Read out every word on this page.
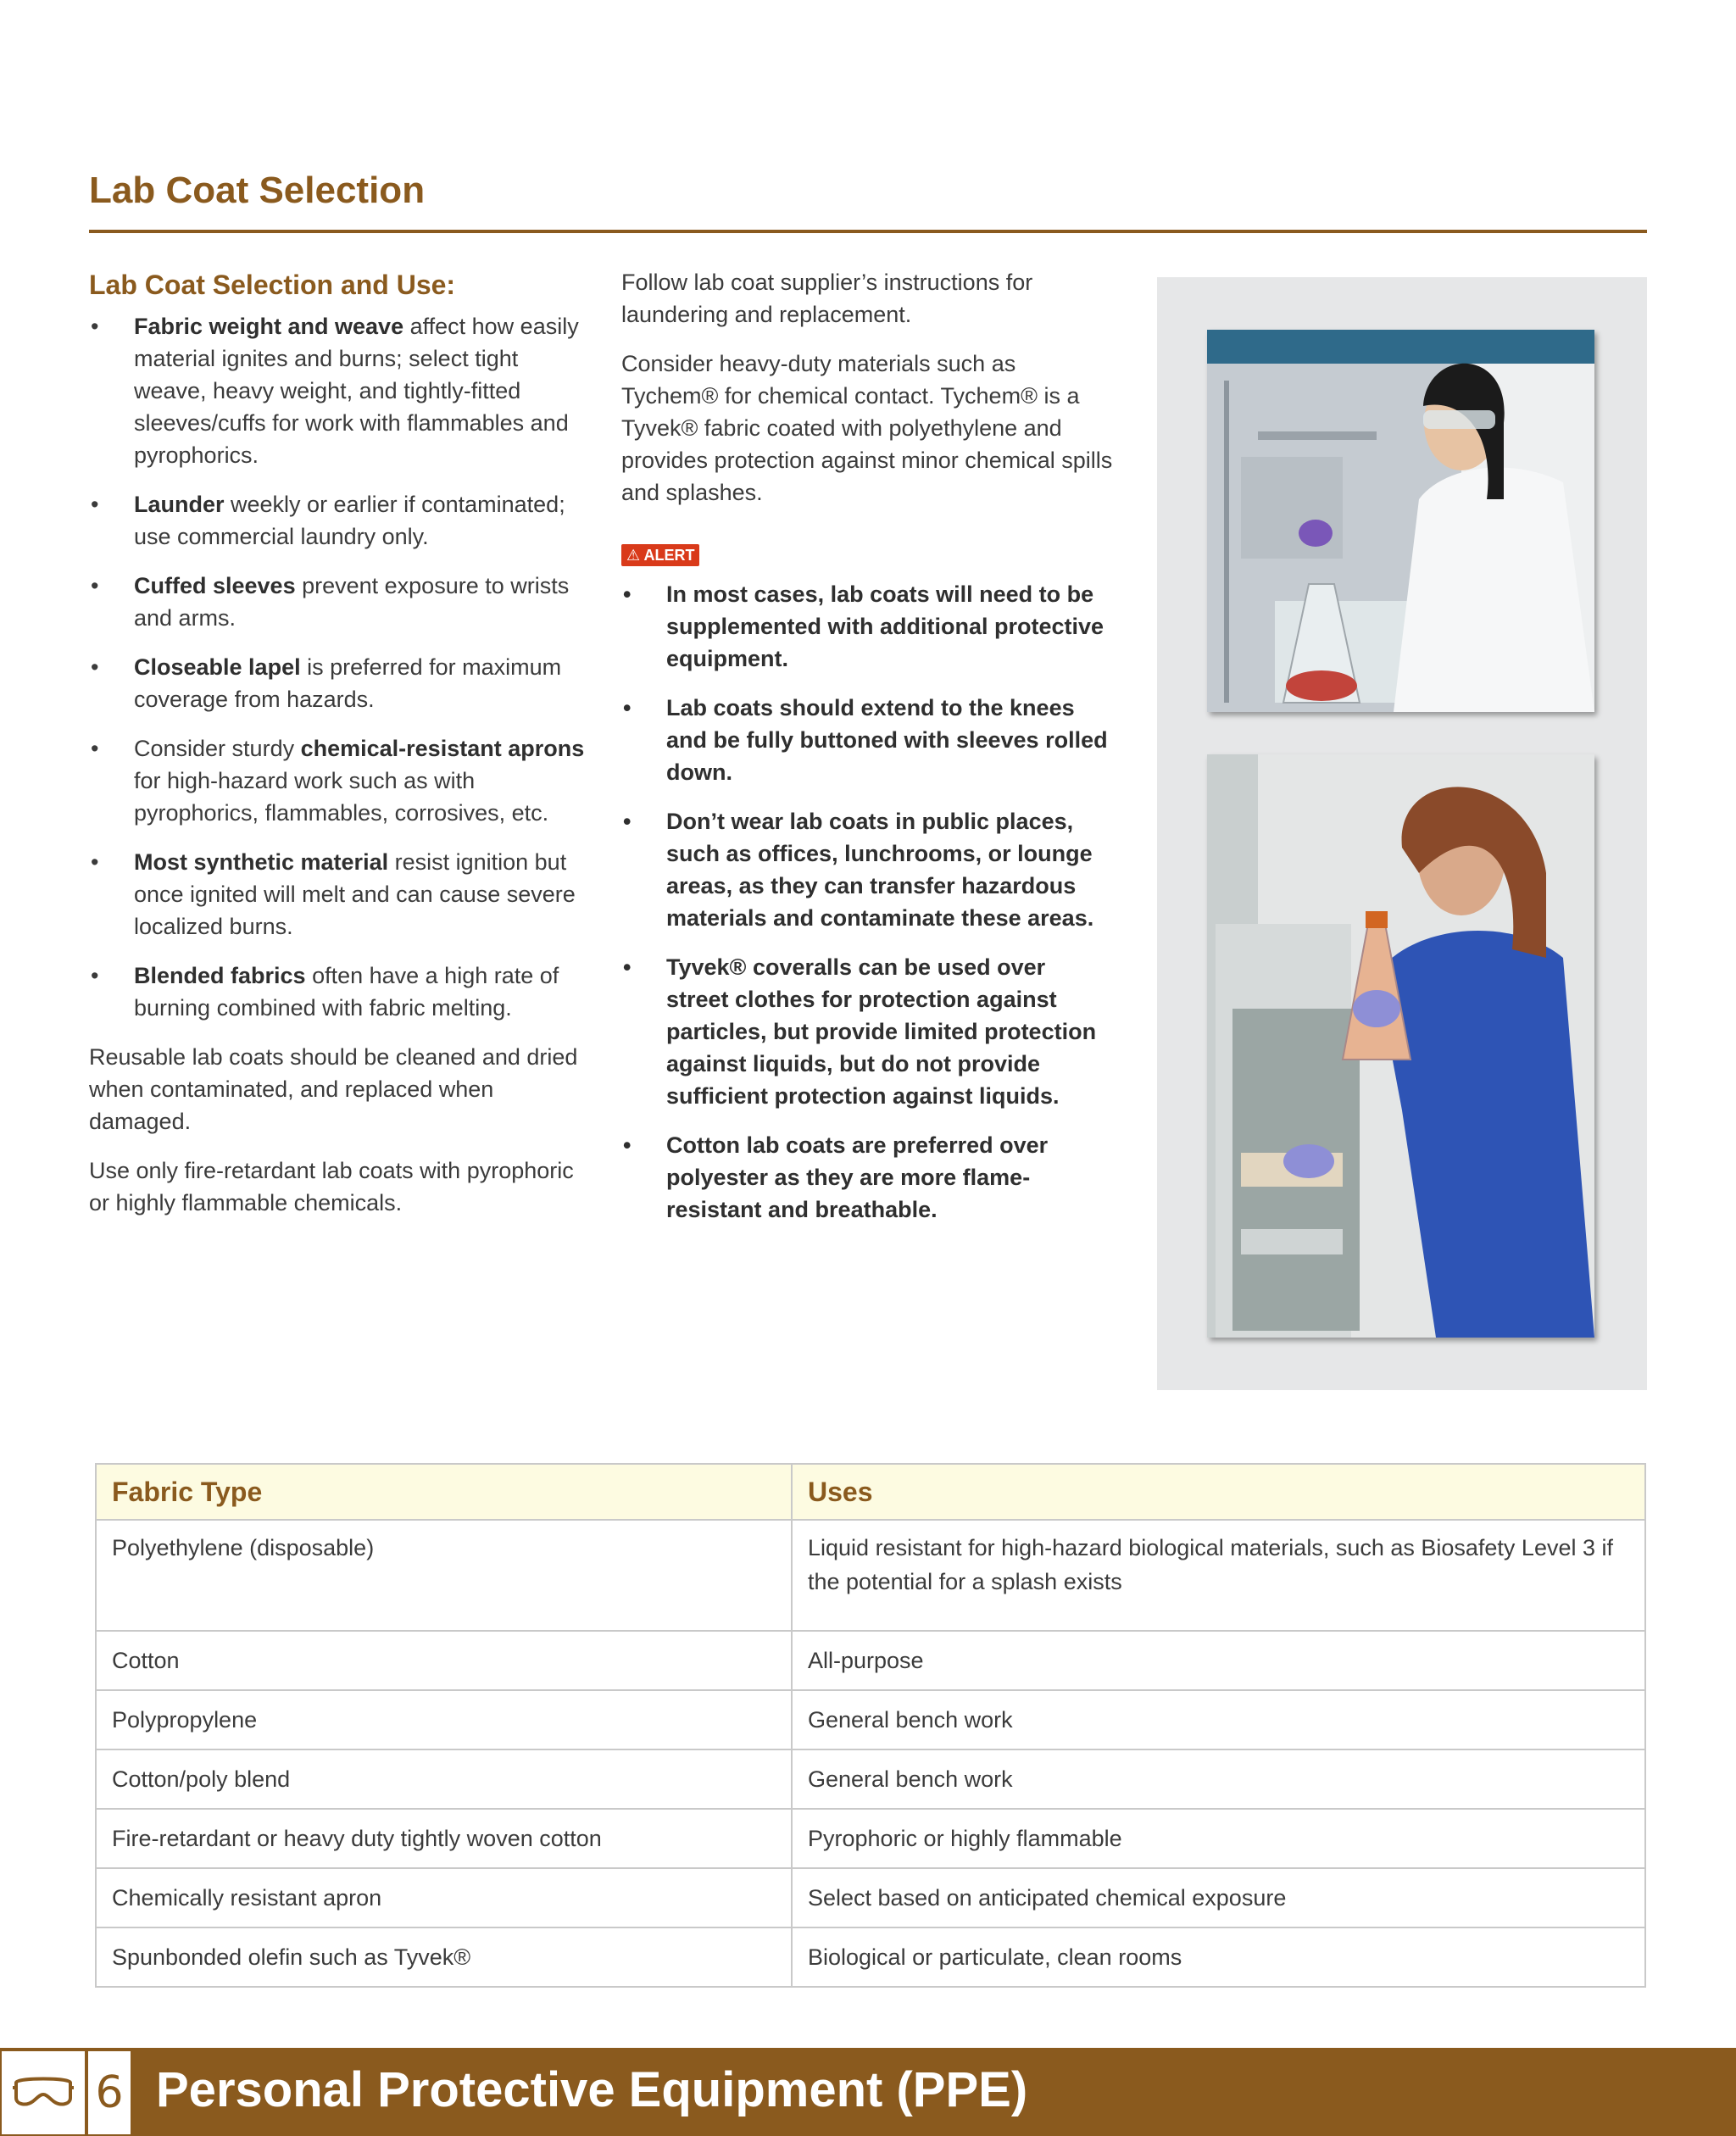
Lab Coat Selection
Lab Coat Selection and Use:
• Fabric weight and weave affect how easily material ignites and burns; select tight weave, heavy weight, and tightly-fitted sleeves/cuffs for work with flammables and pyrophorics.
• Launder weekly or earlier if contaminated; use commercial laundry only.
• Cuffed sleeves prevent exposure to wrists and arms.
• Closeable lapel is preferred for maximum coverage from hazards.
• Consider sturdy chemical-resistant aprons for high-hazard work such as with pyrophorics, flammables, corrosives, etc.
• Most synthetic material resist ignition but once ignited will melt and can cause severe localized burns.
• Blended fabrics often have a high rate of burning combined with fabric melting.

Reusable lab coats should be cleaned and dried when contaminated, and replaced when damaged.

Use only fire-retardant lab coats with pyrophoric or highly flammable chemicals.

Follow lab coat supplier’s instructions for laundering and replacement.

Consider heavy-duty materials such as Tychem® for chemical contact. Tychem® is a Tyvek® fabric coated with polyethylene and provides protection against minor chemical spills and splashes.

⚠ ALERT
• In most cases, lab coats will need to be supplemented with additional protective equipment.
• Lab coats should extend to the knees and be fully buttoned with sleeves rolled down.
• Don’t wear lab coats in public places, such as offices, lunchrooms, or lounge areas, as they can transfer hazardous materials and contaminate these areas.
• Tyvek® coveralls can be used over street clothes for protection against particles, but provide limited protection against liquids, but do not provide sufficient protection against liquids.
• Cotton lab coats are preferred over polyester as they are more flame-resistant and breathable.
Fabric Type	Uses
Polyethylene (disposable)	Liquid resistant for high-hazard biological materials, such as Biosafety Level 3 if the potential for a splash exists
Cotton	All-purpose
Polypropylene	General bench work
Cotton/poly blend	General bench work
Fire-retardant or heavy duty tightly woven cotton	Pyrophoric or highly flammable
Chemically resistant apron	Select based on anticipated chemical exposure
Spunbonded olefin such as Tyvek®	Biological or particulate, clean rooms
6 Personal Protective Equipment (PPE)
